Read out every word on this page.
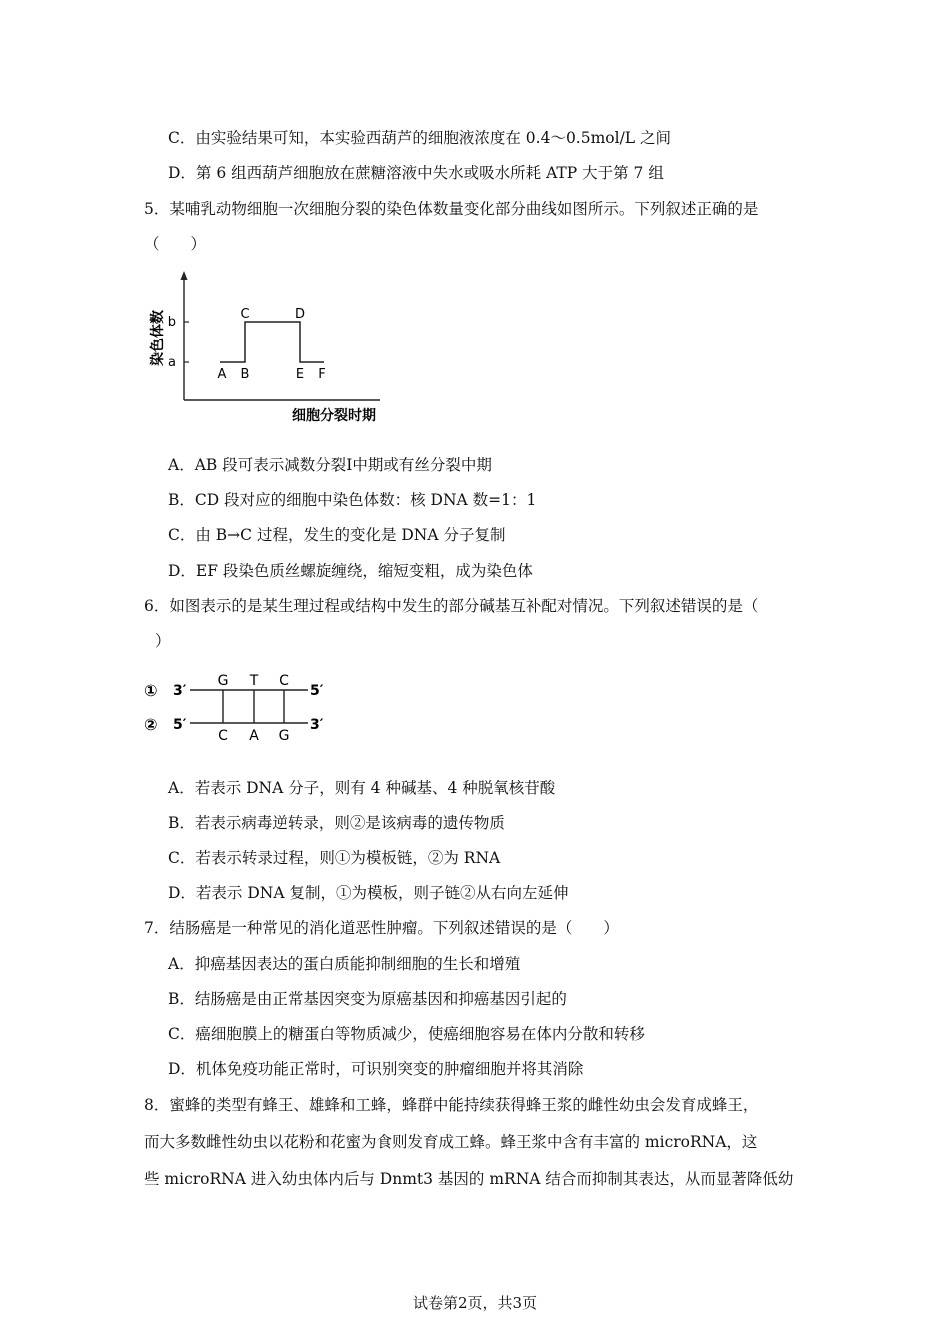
C．由实验结果可知，本实验西葫芦的细胞液浓度在 0.4～0.5mol/L 之间
D．第 6 组西葫芦细胞放在蔗糖溶液中失水或吸水所耗 ATP 大于第 7 组
5．某哺乳动物细胞一次细胞分裂的染色体数量变化部分曲线如图所示。下列叙述正确的是
（　　）
b
a
A B
C	D
E F
染色体数
细胞分裂时期
A．AB 段可表示减数分裂Ⅰ中期或有丝分裂中期
B．CD 段对应的细胞中染色体数：核 DNA 数=1：1
C．由 B→C 过程，发生的变化是 DNA 分子复制
D．EF 段染色质丝螺旋缠绕，缩短变粗，成为染色体
6．如图表示的是某生理过程或结构中发生的部分碱基互补配对情况。下列叙述错误的是（
）
①
②
3′	5′
5′	3′
G T C
C A G
A．若表示 DNA 分子，则有 4 种碱基、4 种脱氧核苷酸
B．若表示病毒逆转录，则②是该病毒的遗传物质
C．若表示转录过程，则①为模板链，②为 RNA
D．若表示 DNA 复制，①为模板，则子链②从右向左延伸
7．结肠癌是一种常见的消化道恶性肿瘤。下列叙述错误的是（　　）
A．抑癌基因表达的蛋白质能抑制细胞的生长和增殖
B．结肠癌是由正常基因突变为原癌基因和抑癌基因引起的
C．癌细胞膜上的糖蛋白等物质减少，使癌细胞容易在体内分散和转移
D．机体免疫功能正常时，可识别突变的肿瘤细胞并将其消除
8．蜜蜂的类型有蜂王、雄蜂和工蜂，蜂群中能持续获得蜂王浆的雌性幼虫会发育成蜂王，
而大多数雌性幼虫以花粉和花蜜为食则发育成工蜂。蜂王浆中含有丰富的 microRNA，这
些 microRNA 进入幼虫体内后与 Dnmt3 基因的 mRNA 结合而抑制其表达，从而显著降低幼
试卷第2页，共3页
